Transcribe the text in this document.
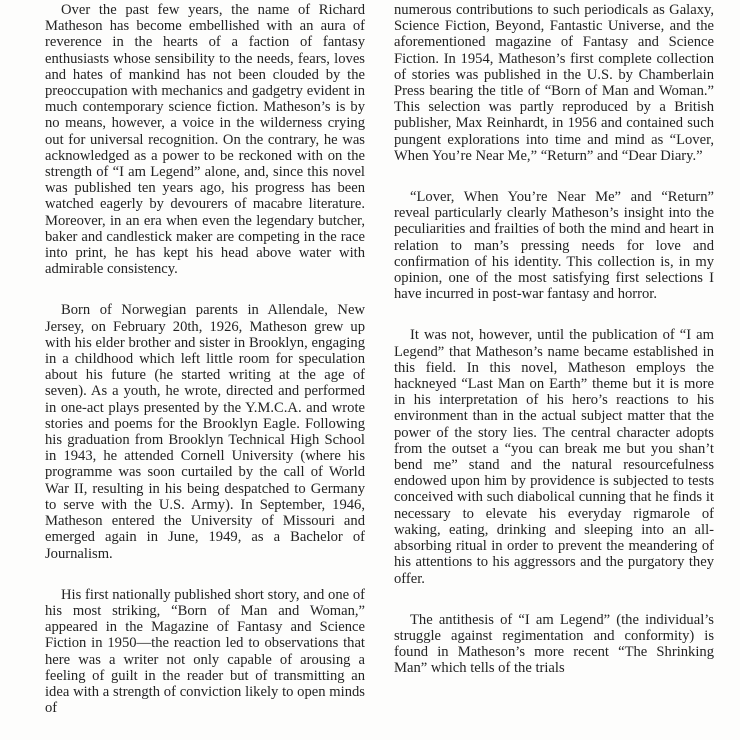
Over the past few years, the name of Richard Matheson has become embellished with an aura of reverence in the hearts of a faction of fantasy enthusiasts whose sensibility to the needs, fears, loves and hates of mankind has not been clouded by the preoccupation with mechanics and gadgetry evident in much contemporary science fiction. Matheson’s is by no means, however, a voice in the wilderness crying out for universal recognition. On the contrary, he was acknowledged as a power to be reckoned with on the strength of “I am Legend” alone, and, since this novel was published ten years ago, his progress has been watched eagerly by devourers of macabre literature. Moreover, in an era when even the legendary butcher, baker and candlestick maker are competing in the race into print, he has kept his head above water with admirable consistency.

Born of Norwegian parents in Allendale, New Jersey, on February 20th, 1926, Matheson grew up with his elder brother and sister in Brooklyn, engaging in a childhood which left little room for speculation about his future (he started writing at the age of seven). As a youth, he wrote, directed and performed in one-act plays presented by the Y.M.C.A. and wrote stories and poems for the Brooklyn Eagle. Following his graduation from Brooklyn Technical High School in 1943, he attended Cornell University (where his programme was soon curtailed by the call of World War II, resulting in his being despatched to Germany to serve with the U.S. Army). In September, 1946, Matheson entered the University of Missouri and emerged again in June, 1949, as a Bachelor of Journalism.

His first nationally published short story, and one of his most striking, “Born of Man and Woman,” appeared in the Magazine of Fantasy and Science Fiction in 1950—the reaction led to observations that here was a writer not only capable of arousing a feeling of guilt in the reader but of transmitting an idea with a strength of conviction likely to open minds of

numerous contributions to such periodicals as Galaxy, Science Fiction, Beyond, Fantastic Universe, and the aforementioned magazine of Fantasy and Science Fiction. In 1954, Matheson’s first complete collection of stories was published in the U.S. by Chamberlain Press bearing the title of “Born of Man and Woman.” This selection was partly reproduced by a British publisher, Max Reinhardt, in 1956 and contained such pungent explorations into time and mind as “Lover, When You’re Near Me,” “Return” and “Dear Diary.”

“Lover, When You’re Near Me” and “Return” reveal particularly clearly Matheson’s insight into the peculiarities and frailties of both the mind and heart in relation to man’s pressing needs for love and confirmation of his identity. This collection is, in my opinion, one of the most satisfying first selections I have incurred in post-war fantasy and horror.

It was not, however, until the publication of “I am Legend” that Matheson’s name became established in this field. In this novel, Matheson employs the hackneyed “Last Man on Earth” theme but it is more in his interpretation of his hero’s reactions to his environment than in the actual subject matter that the power of the story lies. The central character adopts from the outset a “you can break me but you shan’t bend me” stand and the natural resourcefulness endowed upon him by providence is subjected to tests conceived with such diabolical cunning that he finds it necessary to elevate his everyday rigmarole of waking, eating, drinking and sleeping into an all-absorbing ritual in order to prevent the meandering of his attentions to his aggressors and the purgatory they offer.

The antithesis of “I am Legend” (the individual’s struggle against regimentation and conformity) is found in Matheson’s more recent “The Shrinking Man” which tells of the trials
